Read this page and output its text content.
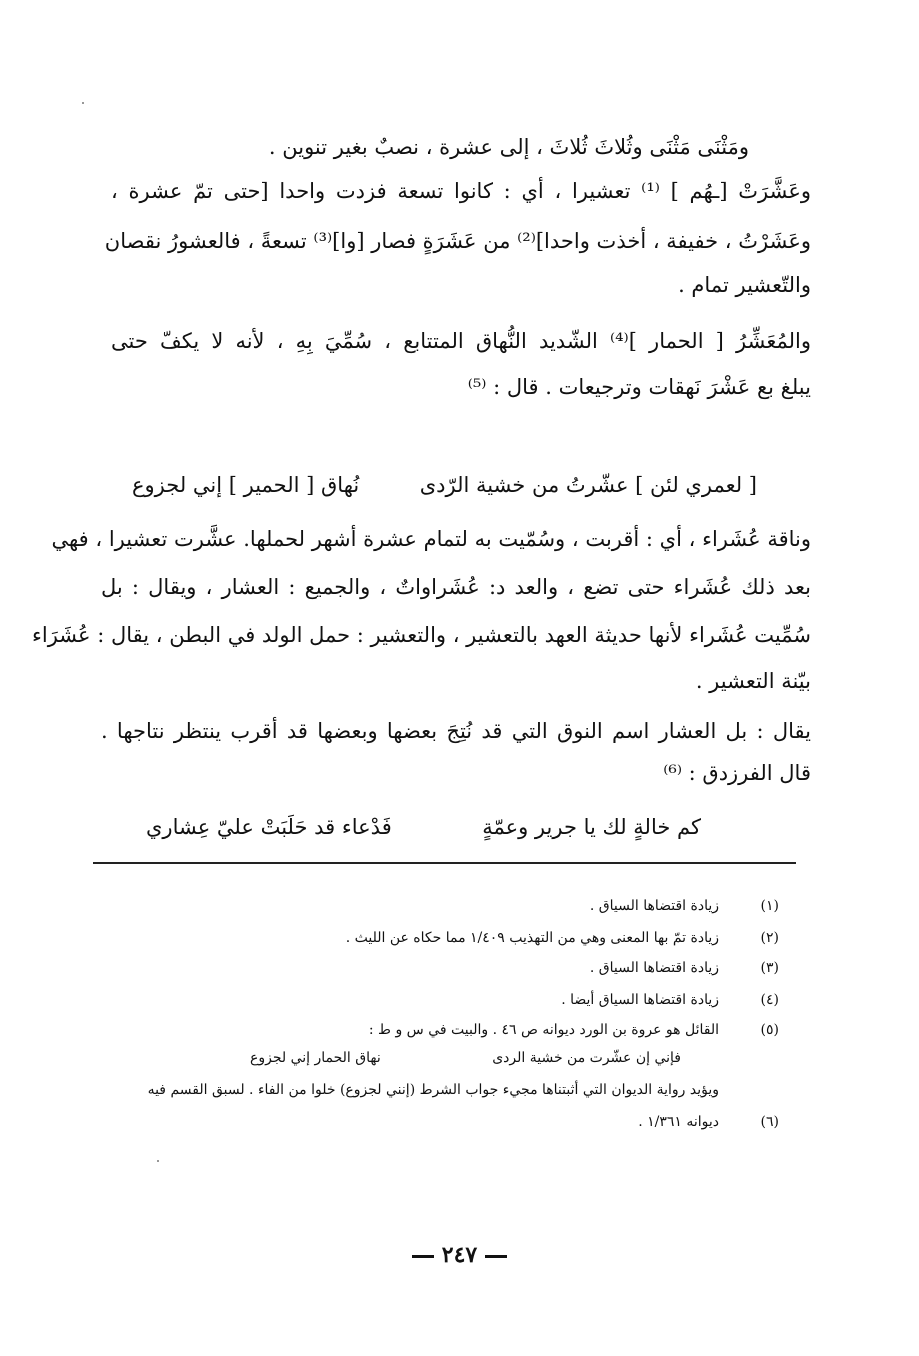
ومَثْنَى مَثْنَى وثُلاثَ ثُلاثَ ، إلى عشرة ، نصبٌ بغير تنوين .
وعَشَّرَتْ [ـهُم ] ⁽¹⁾ تعشيرا ، أي : كانوا تسعة فزدت واحدا [حتى تمّ عشرة ،
وعَشَرْتُ ، خفيفة ، أخذت واحدا]⁽²⁾ من عَشَرَةٍ فصار [وا]⁽³⁾ تسعةً ، فالعشورُ نقصان
والتّعشير تمام .
والمُعَشِّرُ [ الحمار ]⁽⁴⁾ الشّديد النُّهاق المتتابع ، سُمِّيَ بِهِ ، لأنه لا يكفّ حتى
يبلغ بع عَشْرَ نَهقات وترجيعات . قال : ⁽⁵⁾
[ لعمري لئن ] عشّرتُ من خشية الرّدى
نُهاق [ الحمير ] إني لجزوع
وناقة عُشَراء ، أي : أقربت ، وسُمّيت به لتمام عشرة أشهر لحملها. عشَّرت تعشيرا ، فهي
بعد ذلك عُشَراء حتى تضع ، والعد د: عُشَراواتٌ ، والجميع : العشار ، ويقال : بل
سُمِّيت عُشَراء لأنها حديثة العهد بالتعشير ، والتعشير : حمل الولد في البطن ، يقال : عُشَرَاء
بيّنة التعشير .
يقال : بل العشار اسم النوق التي قد نُتِجَ بعضها وبعضها قد أقرب ينتظر نتاجها .
قال الفرزدق : ⁽⁶⁾
كم خالةٍ لك يا جرير وعمّةٍ
فَدْعاء قد حَلَبَتْ عليّ عِشاري
(١)
زيادة اقتضاها السياق .
(٢)
زيادة تمّ بها المعنى وهي من التهذيب ١/٤٠٩ مما حكاه عن الليث .
(٣)
زيادة اقتضاها السياق .
(٤)
زيادة اقتضاها السياق أيضا .
(٥)
القائل هو عروة بن الورد ديوانه ص ٤٦ . والبيت في س و ط :
فإني إن عشّرت من خشية الردى
نهاق الحمار إني لجزوع
ويؤيد رواية الديوان التي أثبتناها مجيء جواب الشرط (إنني لجزوع) خلوا من الفاء . لسبق القسم فيه
(٦)
ديوانه ١/٣٦١ .
٢٤٧
